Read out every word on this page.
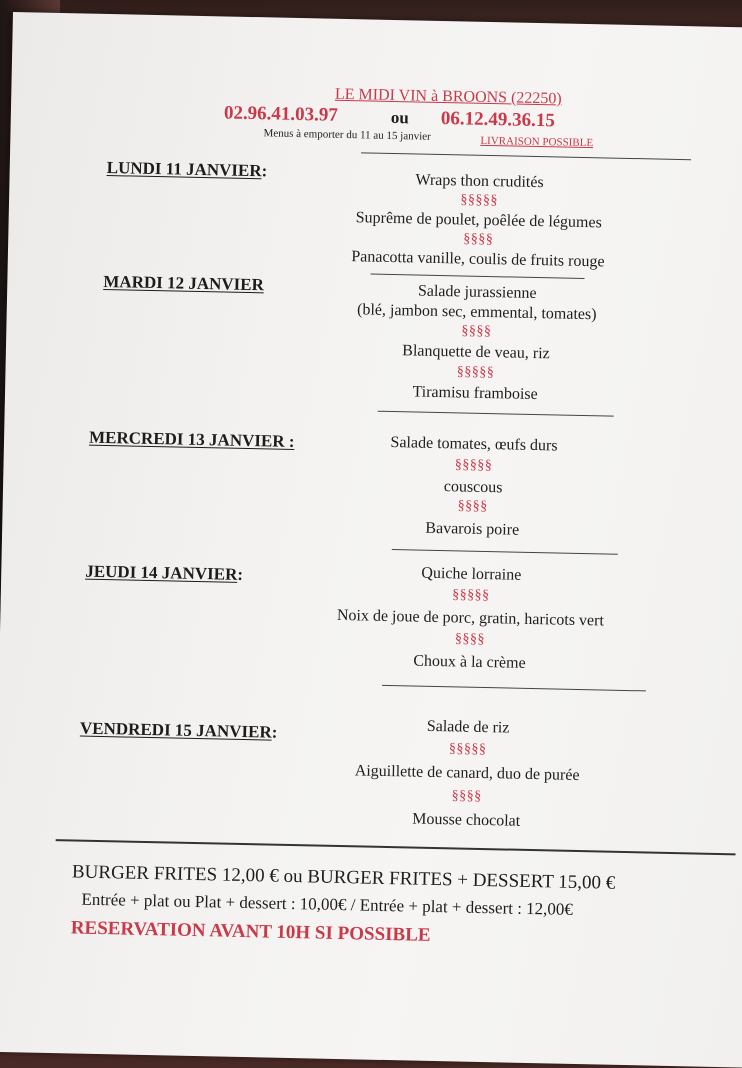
LE MIDI VIN à BROONS (22250)
02.96.41.03.97	ou 06.12.49.36.15
Menus à emporter du 11 au 15 janvier	LIVRAISON POSSIBLE
LUNDI 11 JANVIER:
Wraps thon crudités
§§§§§
Suprême de poulet, poêlée de légumes
§§§§
Panacotta vanille, coulis de fruits rouge
MARDI 12 JANVIER	Salade jurassienne
(blé, jambon sec, emmental, tomates)
§§§§
Blanquette de veau, riz
§§§§§
Tiramisu framboise
MERCREDI 13 JANVIER :	Salade tomates, œufs durs
§§§§§
couscous
§§§§
Bavarois poire
JEUDI 14 JANVIER:	Quiche lorraine
§§§§§
Noix de joue de porc, gratin, haricots vert
§§§§
Choux à la crème
VENDREDI 15 JANVIER:	Salade de riz
§§§§§
Aiguillette de canard, duo de purée
§§§§
Mousse chocolat
BURGER FRITES 12,00 € ou BURGER FRITES + DESSERT 15,00 €
Entrée + plat ou Plat + dessert : 10,00€ / Entrée + plat + dessert : 12,00€
RESERVATION AVANT 10H SI POSSIBLE
